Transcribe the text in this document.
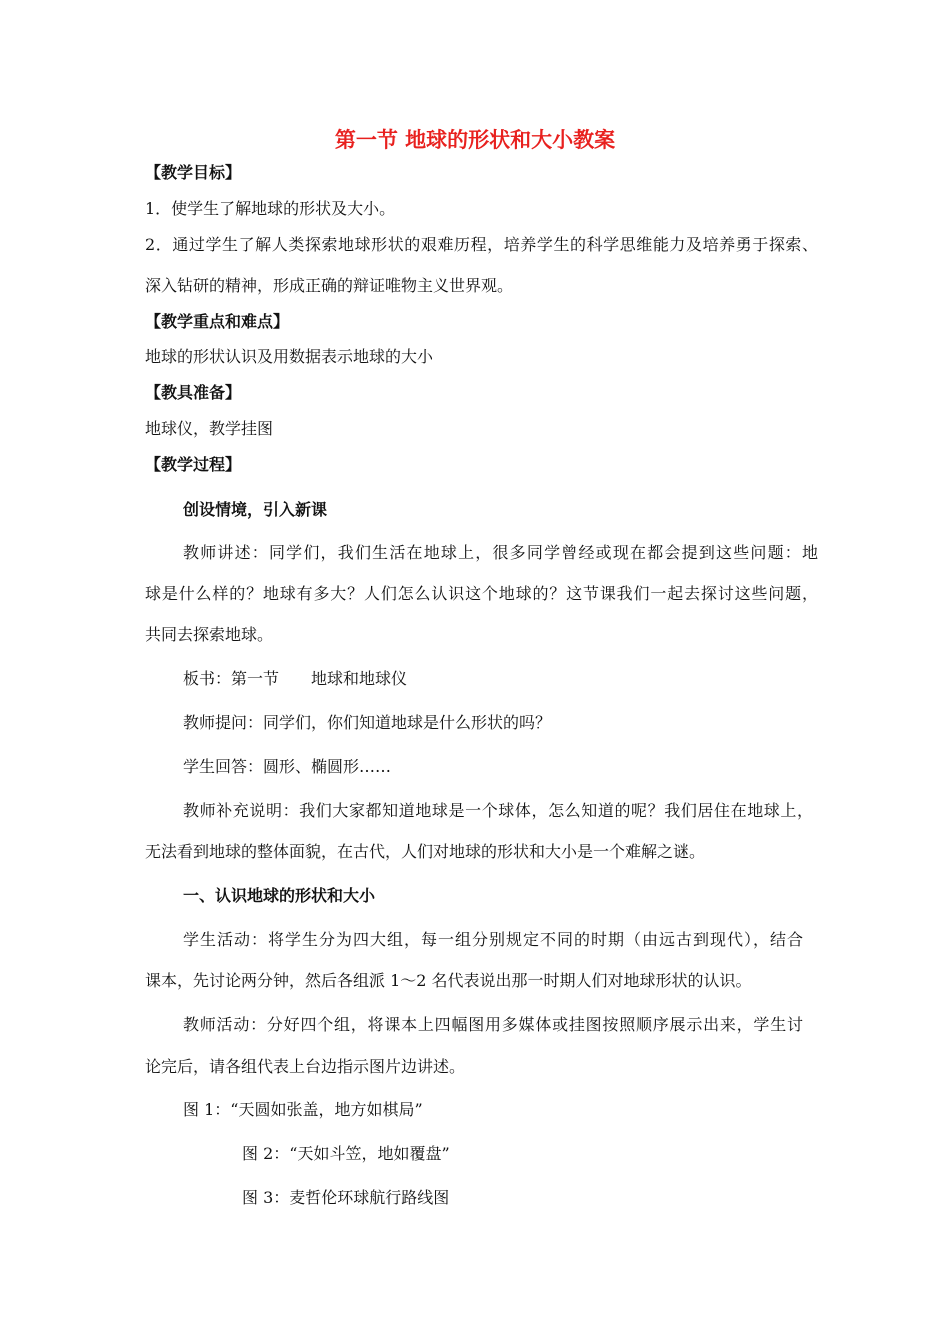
第一节 地球的形状和大小教案
【教学目标】
1．使学生了解地球的形状及大小。
2．通过学生了解人类探索地球形状的艰难历程，培养学生的科学思维能力及培养勇于探索、
深入钻研的精神，形成正确的辩证唯物主义世界观。
【教学重点和难点】
地球的形状认识及用数据表示地球的大小
【教具准备】
地球仪，教学挂图
【教学过程】
创设情境，引入新课
教师讲述：同学们，我们生活在地球上，很多同学曾经或现在都会提到这些问题：地
球是什么样的？地球有多大？人们怎么认识这个地球的？这节课我们一起去探讨这些问题，
共同去探索地球。
板书：第一节　　地球和地球仪
教师提问：同学们，你们知道地球是什么形状的吗？
学生回答：圆形、椭圆形……
教师补充说明：我们大家都知道地球是一个球体，怎么知道的呢？我们居住在地球上，
无法看到地球的整体面貌，在古代，人们对地球的形状和大小是一个难解之谜。
一、认识地球的形状和大小
学生活动：将学生分为四大组，每一组分别规定不同的时期（由远古到现代），结合
课本，先讨论两分钟，然后各组派 1～2 名代表说出那一时期人们对地球形状的认识。
教师活动：分好四个组，将课本上四幅图用多媒体或挂图按照顺序展示出来，学生讨
论完后，请各组代表上台边指示图片边讲述。
图 1：“天圆如张盖，地方如棋局”
图 2：“天如斗笠，地如覆盘”
图 3：麦哲伦环球航行路线图
